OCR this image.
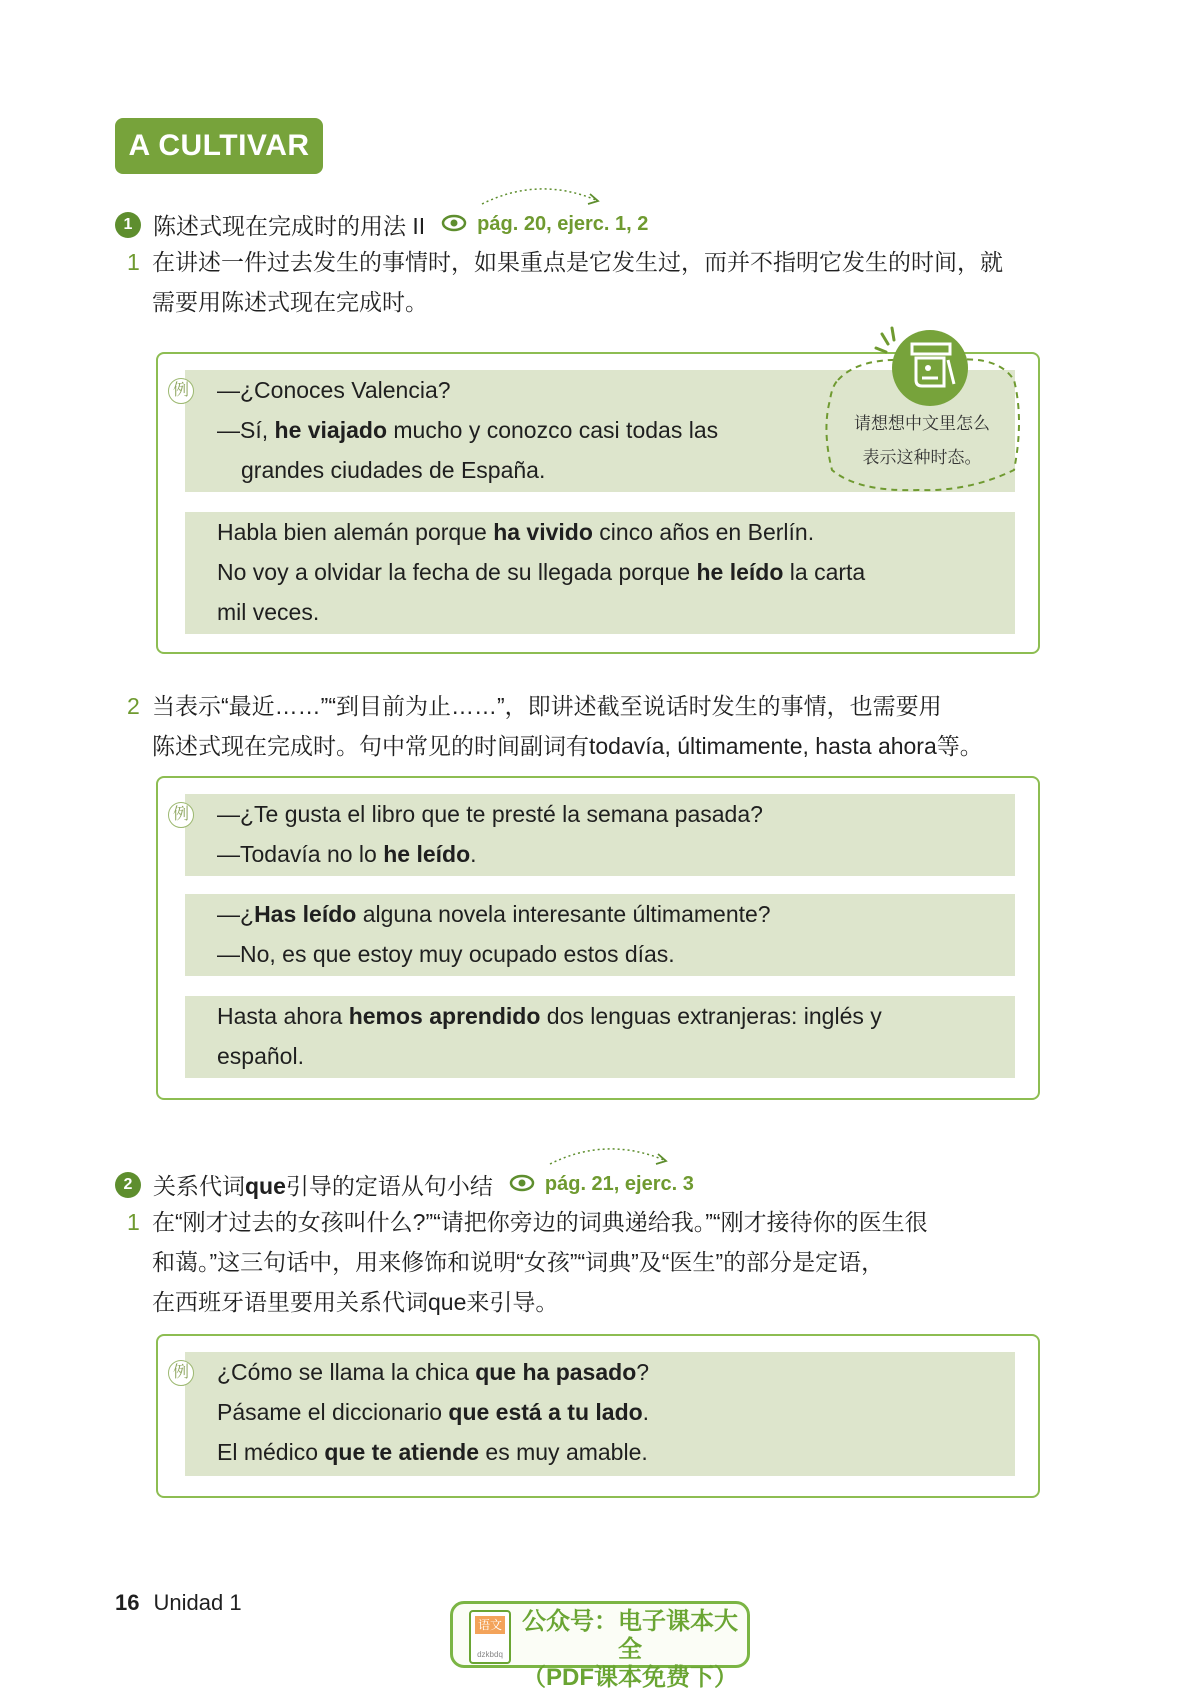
A CULTIVAR
1 陈述式现在完成时的用法 II	pág. 20, ejerc. 1, 2
1 在讲述一件过去发生的事情时，如果重点是它发生过，而并不指明它发生的时间，就
需要用陈述式现在完成时。
—¿Conoces Valencia?
—Sí, he viajado mucho y conozco casi todas las
grandes ciudades de España.
例
Habla bien alemán porque ha vivido cinco años en Berlín.
No voy a olvidar la fecha de su llegada porque he leído la carta
mil veces.
请想想中文里怎么
表示这种时态。
2 当表示“最近……”“到目前为止……”，即讲述截至说话时发生的事情，也需要用
陈述式现在完成时。句中常见的时间副词有todavía, últimamente, hasta ahora等。
—¿Te gusta el libro que te presté la semana pasada?
—Todavía no lo he leído.
例
—¿Has leído alguna novela interesante últimamente?
—No, es que estoy muy ocupado estos días.
Hasta ahora hemos aprendido dos lenguas extranjeras: inglés y
español.
2 关系代词que引导的定语从句小结	pág. 21, ejerc. 3
1 在“刚才过去的女孩叫什么?”“请把你旁边的词典递给我。”“刚才接待你的医生很
和蔼。”这三句话中，用来修饰和说明“女孩”“词典”及“医生”的部分是定语，
在西班牙语里要用关系代词que来引导。
¿Cómo se llama la chica que ha pasado?
Pásame el diccionario que está a tu lado.
El médico que te atiende es muy amable.
例
16 Unidad 1
语文
dzkbdq
公众号：电子课本大全
（PDF课本免费下）
